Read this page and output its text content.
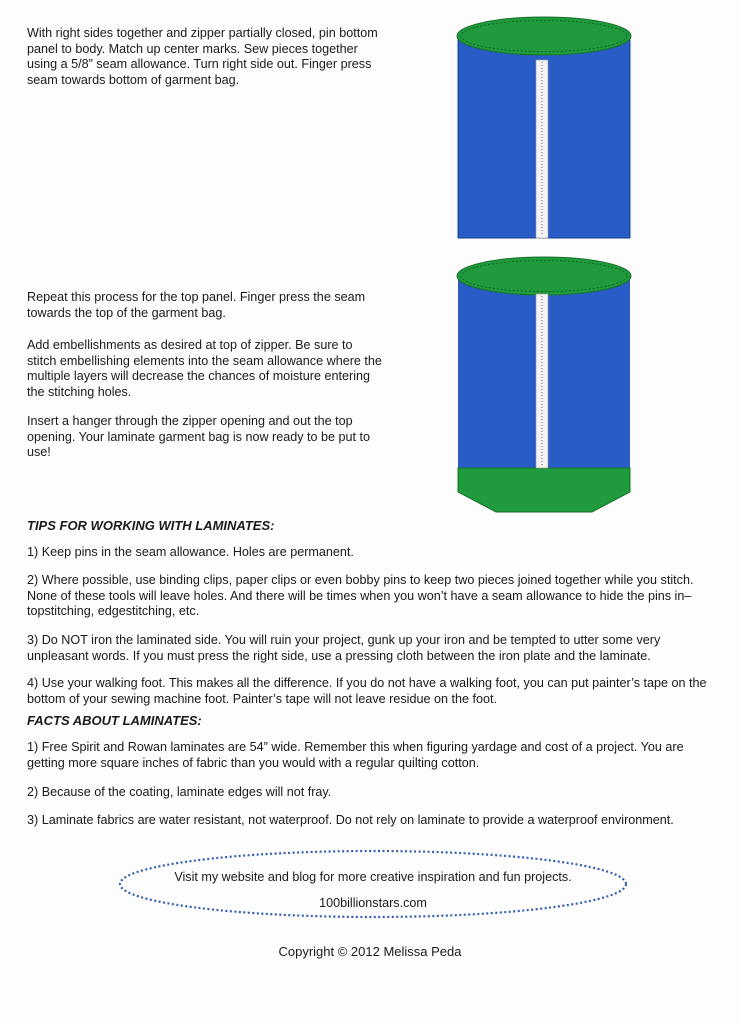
With right sides together and zipper partially closed, pin bottom panel to body. Match up center marks. Sew pieces together using a 5/8” seam allowance. Turn right side out. Finger press seam towards bottom of garment bag.

Repeat this process for the top panel. Finger press the seam towards the top of the garment bag.

Add embellishments as desired at top of zipper. Be sure to stitch embellishing elements into the seam allowance where the multiple layers will decrease the chances of moisture entering the stitching holes.

Insert a hanger through the zipper opening and out the top opening. Your laminate garment bag is now ready to be put to use!

TIPS FOR WORKING WITH LAMINATES:

1) Keep pins in the seam allowance. Holes are permanent.

2) Where possible, use binding clips, paper clips or even bobby pins to keep two pieces joined together while you stitch. None of these tools will leave holes. And there will be times when you won’t have a seam allowance to hide the pins in–topstitching, edgestitching, etc.

3) Do NOT iron the laminated side. You will ruin your project, gunk up your iron and be tempted to utter some very unpleasant words. If you must press the right side, use a pressing cloth between the iron plate and the laminate.

4) Use your walking foot. This makes all the difference. If you do not have a walking foot, you can put painter’s tape on the bottom of your sewing machine foot. Painter’s tape will not leave residue on the foot.

FACTS ABOUT LAMINATES:

1) Free Spirit and Rowan laminates are 54” wide. Remember this when figuring yardage and cost of a project. You are getting more square inches of fabric than you would with a regular quilting cotton.

2) Because of the coating, laminate edges will not fray.

3) Laminate fabrics are water resistant, not waterproof. Do not rely on laminate to provide a waterproof environment.

Visit my website and blog for more creative inspiration and fun projects.

100billionstars.com

Copyright © 2012 Melissa Peda
